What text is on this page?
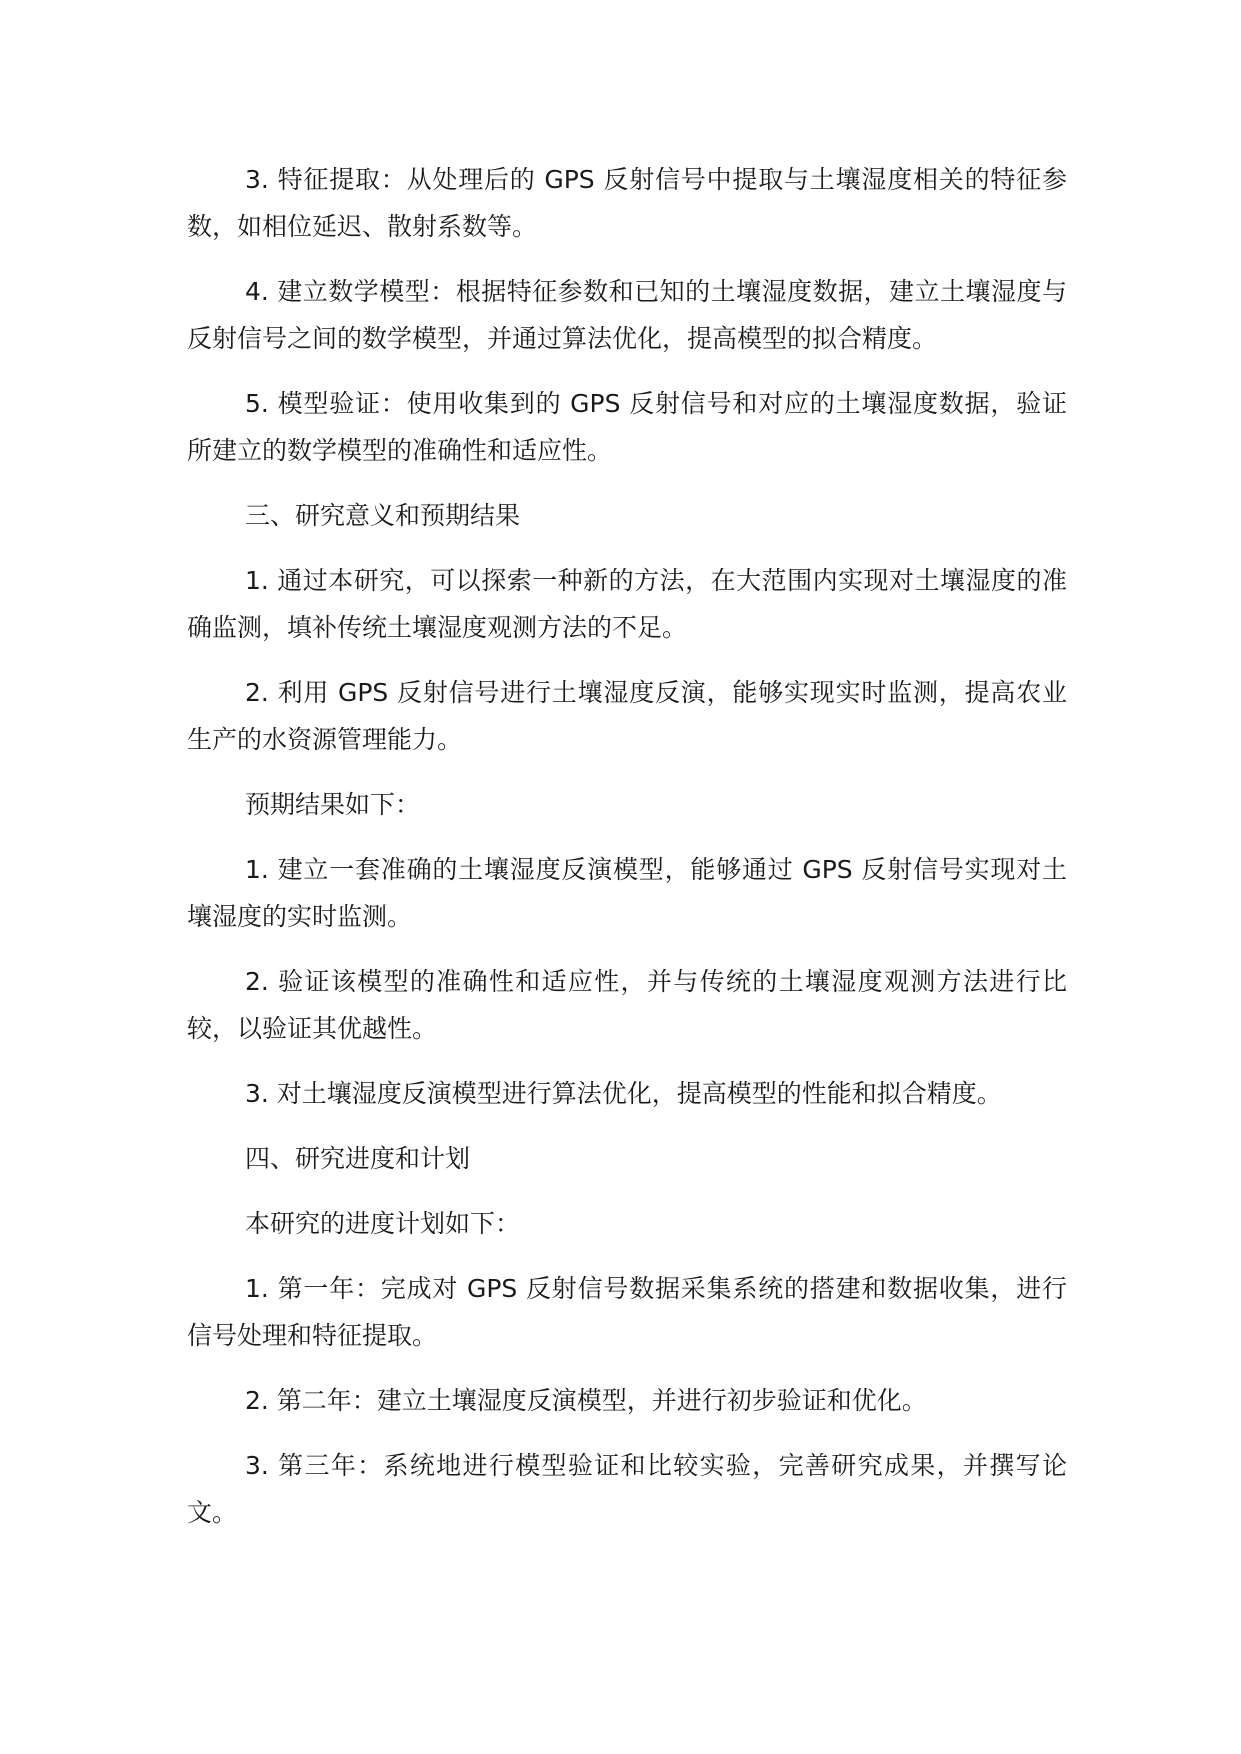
3. 特征提取：从处理后的 GPS 反射信号中提取与土壤湿度相关的特征参数，如相位延迟、散射系数等。

4. 建立数学模型：根据特征参数和已知的土壤湿度数据，建立土壤湿度与反射信号之间的数学模型，并通过算法优化，提高模型的拟合精度。

5. 模型验证：使用收集到的 GPS 反射信号和对应的土壤湿度数据，验证所建立的数学模型的准确性和适应性。

三、研究意义和预期结果

1. 通过本研究，可以探索一种新的方法，在大范围内实现对土壤湿度的准确监测，填补传统土壤湿度观测方法的不足。

2. 利用 GPS 反射信号进行土壤湿度反演，能够实现实时监测，提高农业生产的水资源管理能力。

预期结果如下：

1. 建立一套准确的土壤湿度反演模型，能够通过 GPS 反射信号实现对土壤湿度的实时监测。

2. 验证该模型的准确性和适应性，并与传统的土壤湿度观测方法进行比较，以验证其优越性。

3. 对土壤湿度反演模型进行算法优化，提高模型的性能和拟合精度。

四、研究进度和计划

本研究的进度计划如下：

1. 第一年：完成对 GPS 反射信号数据采集系统的搭建和数据收集，进行信号处理和特征提取。

2. 第二年：建立土壤湿度反演模型，并进行初步验证和优化。

3. 第三年：系统地进行模型验证和比较实验，完善研究成果，并撰写论文。
